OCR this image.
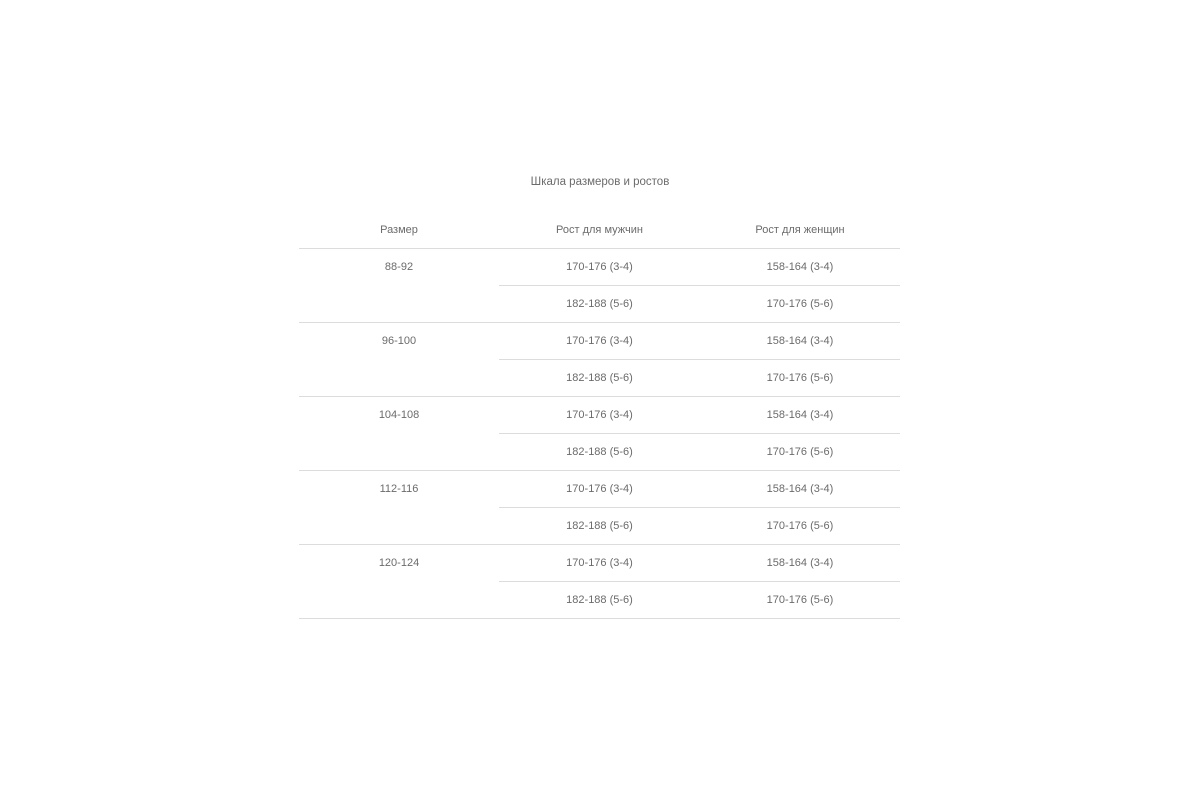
Шкала размеров и ростов
Размер	Рост для мужчин	Рост для женщин
88-92	170-176 (3-4)	158-164 (3-4)
	182-188 (5-6)	170-176 (5-6)
96-100	170-176 (3-4)	158-164 (3-4)
	182-188 (5-6)	170-176 (5-6)
104-108	170-176 (3-4)	158-164 (3-4)
	182-188 (5-6)	170-176 (5-6)
112-116	170-176 (3-4)	158-164 (3-4)
	182-188 (5-6)	170-176 (5-6)
120-124	170-176 (3-4)	158-164 (3-4)
	182-188 (5-6)	170-176 (5-6)
